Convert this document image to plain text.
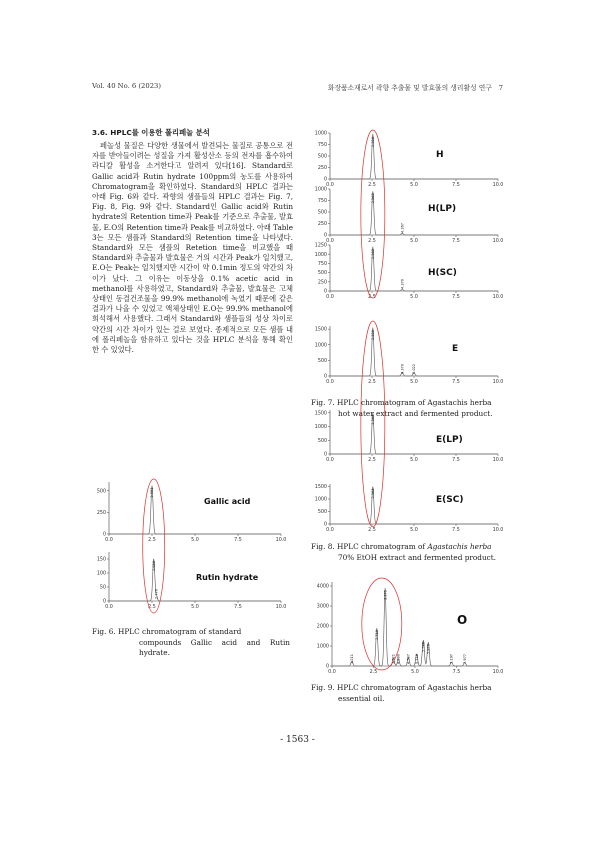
Vol. 40 No. 6 (2023)	화장품소재로서 곽향 추출물 및 발효물의 생리활성 연구　7
3.6. HPLC를 이용한 폴리페놀 분석

페놀성 물질은 다양한 생물에서 발견되는 물질로 공통으로 전자를 받아들이려는 성질을 가져 활성산소 등의 전자를 흡수하여 라디칼 활성을 소거한다고 알려져 있다[16]. Standard로 Gallic acid과 Rutin hydrate 100ppm의 농도를 사용하여 Chromatogram을 확인하였다. Standard의 HPLC 결과는 아래 Fig. 6와 같다. 곽향의 샘플들의 HPLC 결과는 Fig. 7, Fig. 8, Fig. 9와 같다. Standard인 Gallic acid와 Rutin hydrate의 Retention time과 Peak를 기준으로 추출물, 발효물, E.O의 Retention time과 Peak를 비교하였다. 아래 Table 3는 모든 샘플과 Standard의 Retention time을 나타냈다. Standard와 모든 샘플의 Retetion time을 비교했을 때 Standard와 추출물과 발효물은 거의 시간과 Peak가 일치했고, E.O는 Peak는 일치했지만 시간이 약 0.1min 정도의 약간의 차이가 났다. 그 이유는 이동상을 0.1% acetic acid in methanol를 사용하였고, Standard와 추출물, 발효물은 고체상태인 동결건조물을 99.9% methanol에 녹였기 때문에 같은 결과가 나올 수 있었고 액체상태인 E.O는 99.9% methanol에 희석해서 사용했다. 그래서 Standard와 샘플들의 성상 차이로 약간의 시간 차이가 있는 걸로 보였다. 종제적으로 모든 샘플 내에 폴리페놀을 함유하고 있다는 것을 HPLC 분석을 통해 확인한 수 있었다.

0
250
500
0.0	2.5	5.0	7.5	10.0
2.551
Gallic acid
0
50
100
150
0.0	2.5	5.0	7.5	10.0
2.630
2.770
Rutin hydrate

Fig. 6. HPLC chromatogram of standard
compounds Gallic acid and Rutin hydrate.

0
250
500
750
1000
0.0	2.5	5.0	7.5	10.0
2.556
H
0
250
500
750
1000
0.0	2.5	5.0	7.5	10.0
2.563
4.367
H(LP)
0
250
500
750
1000
1250
0.0	2.5	5.0	7.5	10.0
2.563
4.370
H(SC)

Fig. 7. HPLC chromatogram of Agastachis herba
hot water extract and fermented product.

0
500
1000
1500
0.0	2.5	5.0	7.5	10.0
2.550
4.370 5.022
E
0
500
1000
1500
0.0	2.5	5.0	7.5	10.0
2.563
E(LP)
0
500
1000
1500
0.0	2.5	5.0	7.5	10.0
2.563
E(SC)

Fig. 8. HPLC chromatogram of Agastachis herba
70% EtOH extract and fermented product.

0
1000
2000
3000
4000
0.0	2.5	5.0	7.5	10.0
1.211
2.710
3.175
3.721 4.090 4.587 5.116
5.588 5.876
7.197	7.977
O

Fig. 9. HPLC chromatogram of Agastachis herba
essential oil.

- 1563 -
